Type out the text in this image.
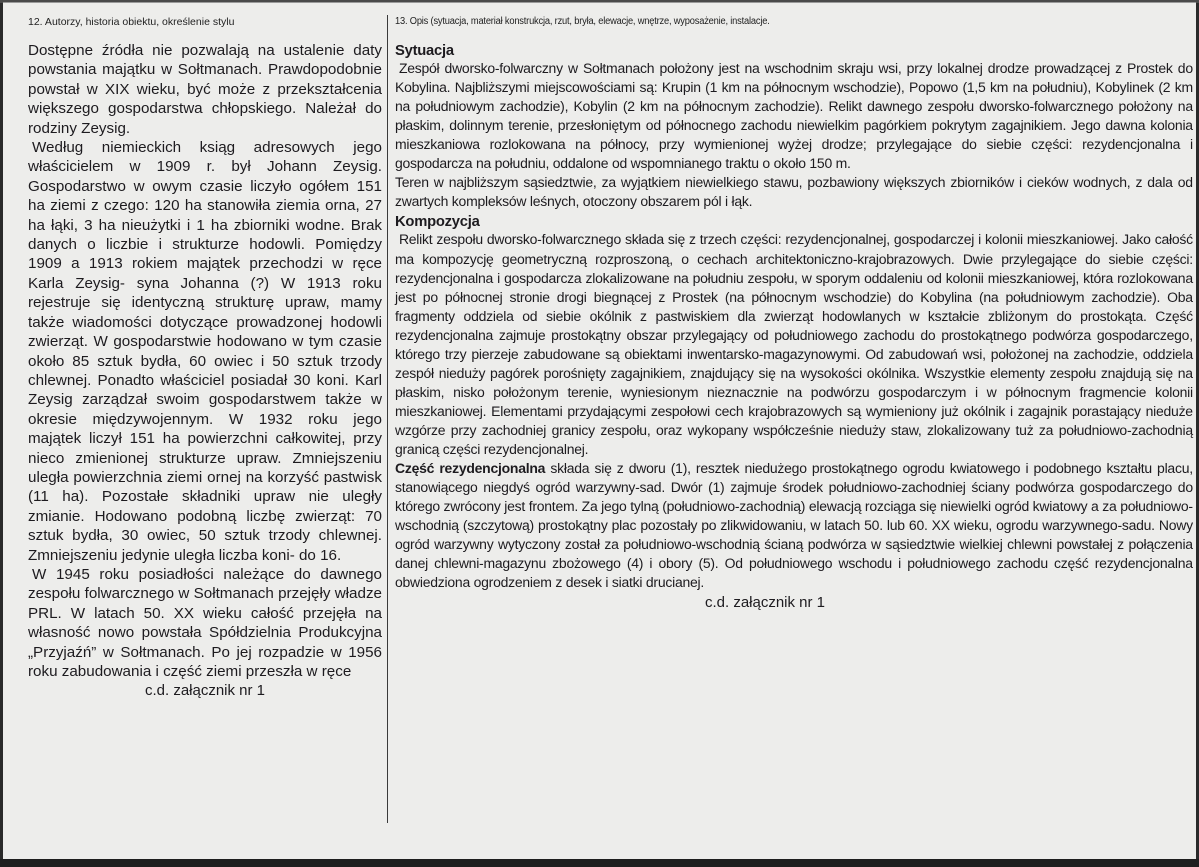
12. Autorzy, historia obiektu, określenie stylu

Dostępne źródła nie pozwalają na ustalenie daty powstania majątku w Sołtmanach. Prawdopodobnie powstał w XIX wieku, być może z przekształcenia większego gospodarstwa chłopskiego. Należał do rodziny Zeysig.

Według niemieckich ksiąg adresowych jego właścicielem w 1909 r. był Johann Zeysig. Gospodarstwo w owym czasie liczyło ogółem 151 ha ziemi z czego: 120 ha stanowiła ziemia orna, 27 ha łąki, 3 ha nieużytki i 1 ha zbiorniki wodne. Brak danych o liczbie i strukturze hodowli. Pomiędzy 1909 a 1913 rokiem majątek przechodzi w ręce Karla Zeysig- syna Johanna (?) W 1913 roku rejestruje się identyczną strukturę upraw, mamy także wiadomości dotyczące prowadzonej hodowli zwierząt. W gospodarstwie hodowano w tym czasie około 85 sztuk bydła, 60 owiec i 50 sztuk trzody chlewnej. Ponadto właściciel posiadał 30 koni. Karl Zeysig zarządzał swoim gospodarstwem także w okresie międzywojennym. W 1932 roku jego majątek liczył 151 ha powierzchni całkowitej, przy nieco zmienionej strukturze upraw. Zmniejszeniu uległa powierzchnia ziemi ornej na korzyść pastwisk (11 ha). Pozostałe składniki upraw nie uległy zmianie. Hodowano podobną liczbę zwierząt: 70 sztuk bydła, 30 owiec, 50 sztuk trzody chlewnej. Zmniejszeniu jedynie uległa liczba koni- do 16.

W 1945 roku posiadłości należące do dawnego zespołu folwarcznego w Sołtmanach przejęły władze PRL. W latach 50. XX wieku całość przejęła na własność nowo powstała Spółdzielnia Produkcyjna „Przyjaźń” w Sołtmanach. Po jej rozpadzie w 1956 roku zabudowania i część ziemi przeszła w ręce

c.d. załącznik nr 1
13. Opis (sytuacja, materiał konstrukcja, rzut, bryła, elewacje, wnętrze, wyposażenie, instalacje.

Sytuacja

Zespół dworsko-folwarczny w Sołtmanach położony jest na wschodnim skraju wsi, przy lokalnej drodze prowadzącej z Prostek do Kobylina. Najbliższymi miejscowościami są: Krupin (1 km na północnym wschodzie), Popowo (1,5 km na południu), Kobylinek (2 km na południowym zachodzie), Kobylin (2 km na północnym zachodzie). Relikt dawnego zespołu dworsko-folwarcznego położony na płaskim, dolinnym terenie, przesłoniętym od północnego zachodu niewielkim pagórkiem pokrytym zagajnikiem. Jego dawna kolonia mieszkaniowa rozlokowana na północy, przy wymienionej wyżej drodze; przylegające do siebie części: rezydencjonalna i gospodarcza na południu, oddalone od wspomnianego traktu o około 150 m.

Teren w najbliższym sąsiedztwie, za wyjątkiem niewielkiego stawu, pozbawiony większych zbiorników i cieków wodnych, z dala od zwartych kompleksów leśnych, otoczony obszarem pól i łąk.

Kompozycja

Relikt zespołu dworsko-folwarcznego składa się z trzech części: rezydencjonalnej, gospodarczej i kolonii mieszkaniowej. Jako całość ma kompozycję geometryczną rozproszoną, o cechach architektoniczno-krajobrazowych. Dwie przylegające do siebie części: rezydencjonalna i gospodarcza zlokalizowane na południu zespołu, w sporym oddaleniu od kolonii mieszkaniowej, która rozlokowana jest po północnej stronie drogi biegnącej z Prostek (na północnym wschodzie) do Kobylina (na południowym zachodzie). Oba fragmenty oddziela od siebie okólnik z pastwiskiem dla zwierząt hodowlanych w kształcie zbliżonym do prostokąta. Część rezydencjonalna zajmuje prostokątny obszar przylegający od południowego zachodu do prostokątnego podwórza gospodarczego, którego trzy pierzeje zabudowane są obiektami inwentarsko-magazynowymi. Od zabudowań wsi, położonej na zachodzie, oddziela zespół nieduży pagórek porośnięty zagajnikiem, znajdujący się na wysokości okólnika. Wszystkie elementy zespołu znajdują się na płaskim, nisko położonym terenie, wyniesionym nieznacznie na podwórzu gospodarczym i w północnym fragmencie kolonii mieszkaniowej. Elementami przydającymi zespołowi cech krajobrazowych są wymieniony już okólnik i zagajnik porastający nieduże wzgórze przy zachodniej granicy zespołu, oraz wykopany współcześnie nieduży staw, zlokalizowany tuż za południowo-zachodnią granicą części rezydencjonalnej.

Część rezydencjonalna składa się z dworu (1), resztek niedużego prostokątnego ogrodu kwiatowego i podobnego kształtu placu, stanowiącego niegdyś ogród warzywny-sad. Dwór (1) zajmuje środek południowo-zachodniej ściany podwórza gospodarczego do którego zwrócony jest frontem. Za jego tylną (południowo-zachodnią) elewacją rozciąga się niewielki ogród kwiatowy a za południowo-wschodnią (szczytową) prostokątny plac pozostały po zlikwidowaniu, w latach 50. lub 60. XX wieku, ogrodu warzywnego-sadu. Nowy ogród warzywny wytyczony został za południowo-wschodnią ścianą podwórza w sąsiedztwie wielkiej chlewni powstałej z połączenia danej chlewni-magazynu zbożowego (4) i obory (5). Od południowego wschodu i południowego zachodu część rezydencjonalna obwiedziona ogrodzeniem z desek i siatki drucianej.

c.d. załącznik nr 1
